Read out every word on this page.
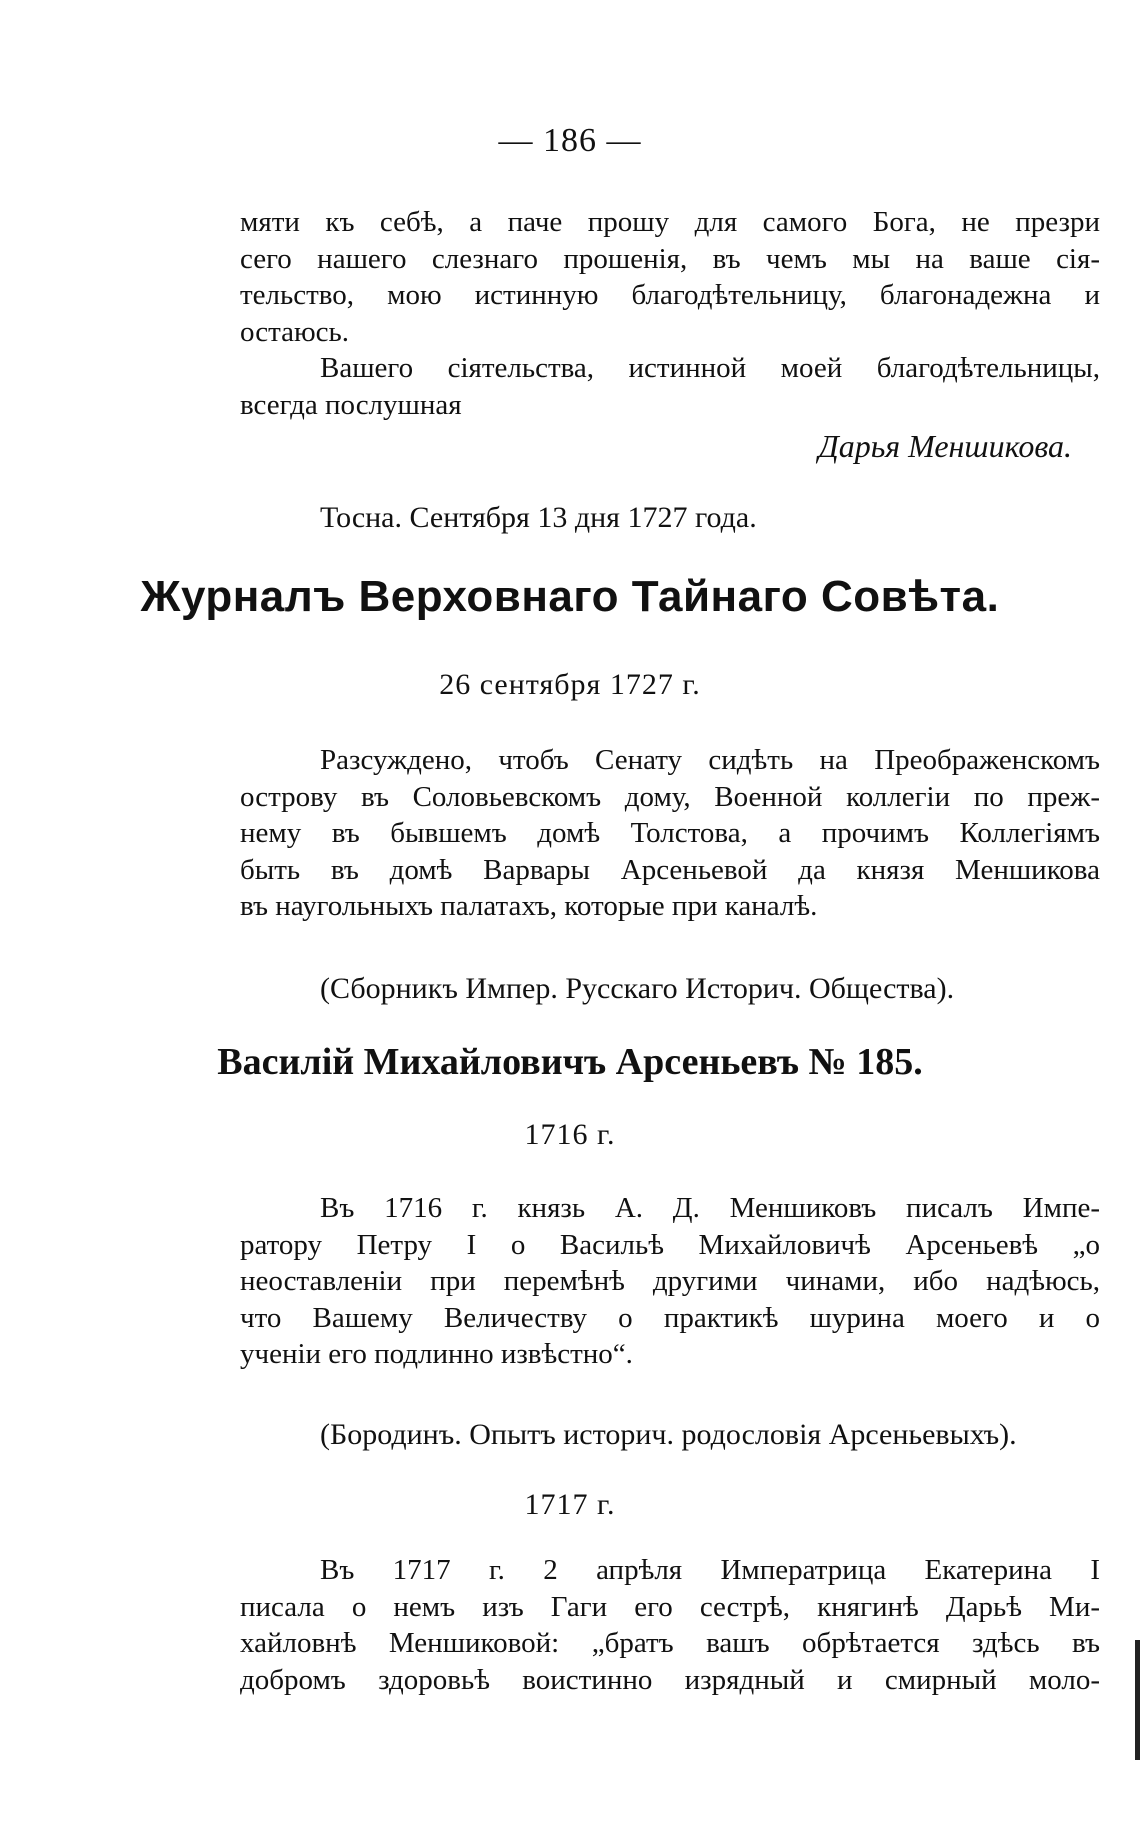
— 186 —
мяти къ себѣ, а паче прошу для самого Бога, не презри
сего нашего слезнаго прошенія, въ чемъ мы на ваше сія-
тельство, мою истинную благодѣтельницу, благонадежна и
остаюсь.
Вашего сіятельства, истинной моей благодѣтельницы,
всегда послушная
Дарья Меншикова.
Тосна. Сентября 13 дня 1727 года.
Журналъ Верховнаго Тайнаго Совѣта.
26 сентября 1727 г.
Разсуждено, чтобъ Сенату сидѣть на Преображенскомъ
острову въ Соловьевскомъ дому, Военной коллегіи по преж-
нему въ бывшемъ домѣ Толстова, а прочимъ Коллегіямъ
быть въ домѣ Варвары Арсеньевой да князя Меншикова
въ наугольныхъ палатахъ, которые при каналѣ.
(Сборникъ Импер. Русскаго Историч. Общества).
Василій Михайловичъ Арсеньевъ № 185.
1716 г.
Въ 1716 г. князь А. Д. Меншиковъ писалъ Импе-
ратору Петру I о Васильѣ Михайловичѣ Арсеньевѣ „о
неоставленіи при перемѣнѣ другими чинами, ибо надѣюсь,
что Вашему Величеству о практикѣ шурина моего и о
ученіи его подлинно извѣстно“.
(Бородинъ. Опытъ историч. родословія Арсеньевыхъ).
1717 г.
Въ 1717 г. 2 апрѣля Императрица Екатерина I
писала о немъ изъ Гаги его сестрѣ, княгинѣ Дарьѣ Ми-
хайловнѣ Меншиковой: „братъ вашъ обрѣтается здѣсь въ
добромъ здоровьѣ воистинно изрядный и смирный моло-
